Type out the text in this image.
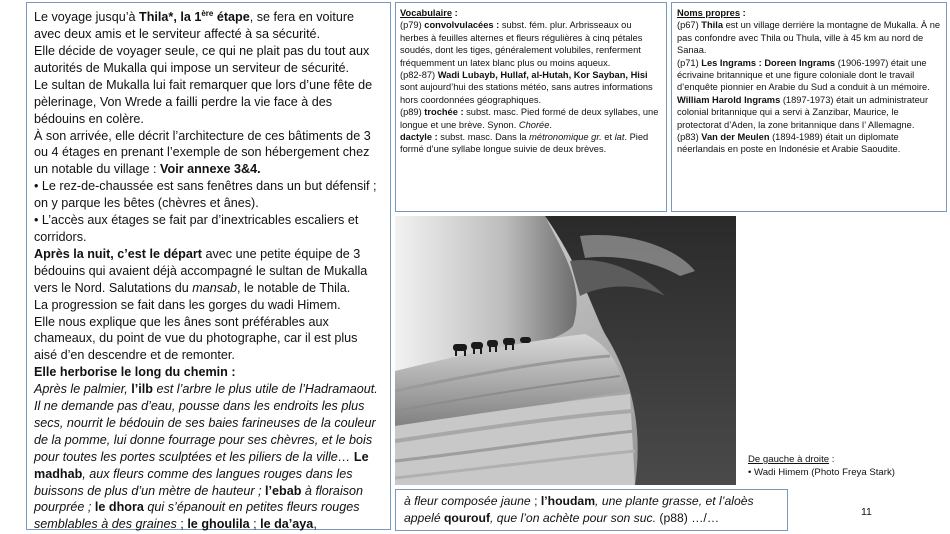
Le voyage jusqu’à Thila*, la 1ère étape, se fera en voiture avec deux amis et le serviteur affecté à sa sécurité.

Elle décide de voyager seule, ce qui ne plait pas du tout aux autorités de Mukalla qui impose un serviteur de sécurité.

Le sultan de Mukalla lui fait remarquer que lors d’une fête de pèlerinage, Von Wrede a failli perdre la vie face à des bédouins en colère.

À son arrivée, elle décrit l’architecture de ces bâtiments de 3 ou 4 étages en prenant l’exemple de son hébergement chez un notable du village : Voir annexe 3&4.

• Le rez-de-chaussée est sans fenêtres dans un but défensif ; on y parque les bêtes (chèvres et ânes).

• L’accès aux étages se fait par d’inextricables escaliers et corridors.

Après la nuit, c’est le départ avec une petite équipe de 3 bédouins qui avaient déjà accompagné le sultan de Mukalla vers le Nord. Salutations du mansab, le notable de Thila.

La progression se fait dans les gorges du wadi Himem.

Elle nous explique que les ânes sont préférables aux chameaux, du point de vue du photographe, car il est plus aisé d’en descendre et de remonter.

Elle herborise le long du chemin :

Après le palmier, l’ilb est l’arbre le plus utile de l’Hadramaout. Il ne demande pas d’eau, pousse dans les endroits les plus secs, nourrit le bédouin de ses baies farineuses de la couleur de la pomme, lui donne fourrage pour ses chèvres, et le bois pour toutes les portes sculptées et les piliers de la ville… Le madhab, aux fleurs comme des langues rouges dans les buissons de plus d’un mètre de hauteur ; l’ebab à floraison pourprée ; le dhora qui s’épanouit en petites fleurs rouges semblables à des graines ; le ghoulila ; le da’aya,

Vocabulaire :

(p79) convolvulacées : subst. fém. plur. Arbrisseaux ou herbes à feuilles alternes et fleurs régulières à cinq pétales soudés, dont les tiges, généralement volubiles, renferment fréquemment un latex blanc plus ou moins aqueux.

(p82-87) Wadi Lubayb, Hullaf, al-Hutah, Kor Sayban, Hisi sont aujourd’hui des stations météo, sans autres informations hors coordonnées géographiques.

(p89) trochée : subst. masc. Pied formé de deux syllabes, une longue et une brève. Synon. Chorée.

dactyle : subst. masc. Dans la métronomique gr. et lat. Pied formé d’une syllabe longue suivie de deux brèves.

Noms propres :

(p67) Thila est un village derrière la montagne de Mukalla. À ne pas confondre avec Thila ou Thula, ville à 45 km au nord de Sanaa.

(p71) Les Ingrams : Doreen Ingrams (1906-1997) était une écrivaine britannique et une figure coloniale dont le travail d’enquête pionnier en Arabie du Sud a conduit à un mémoire.

William Harold Ingrams (1897-1973) était un administrateur colonial britannique qui a servi à Zanzibar, Maurice, le protectorat d’Aden, la zone britannique dans l’ Allemagne.

(p83) Van der Meulen (1894-1989) était un diplomate néerlandais en poste en Indonésie et Arabie Saoudite.

à fleur composée jaune ; l’houdam, une plante grasse, et l’aloès appelé qourouf, que l’on achète pour son suc. (p88) …/…
De gauche à droite :
• Wadi Himem (Photo Freya Stark)
11
